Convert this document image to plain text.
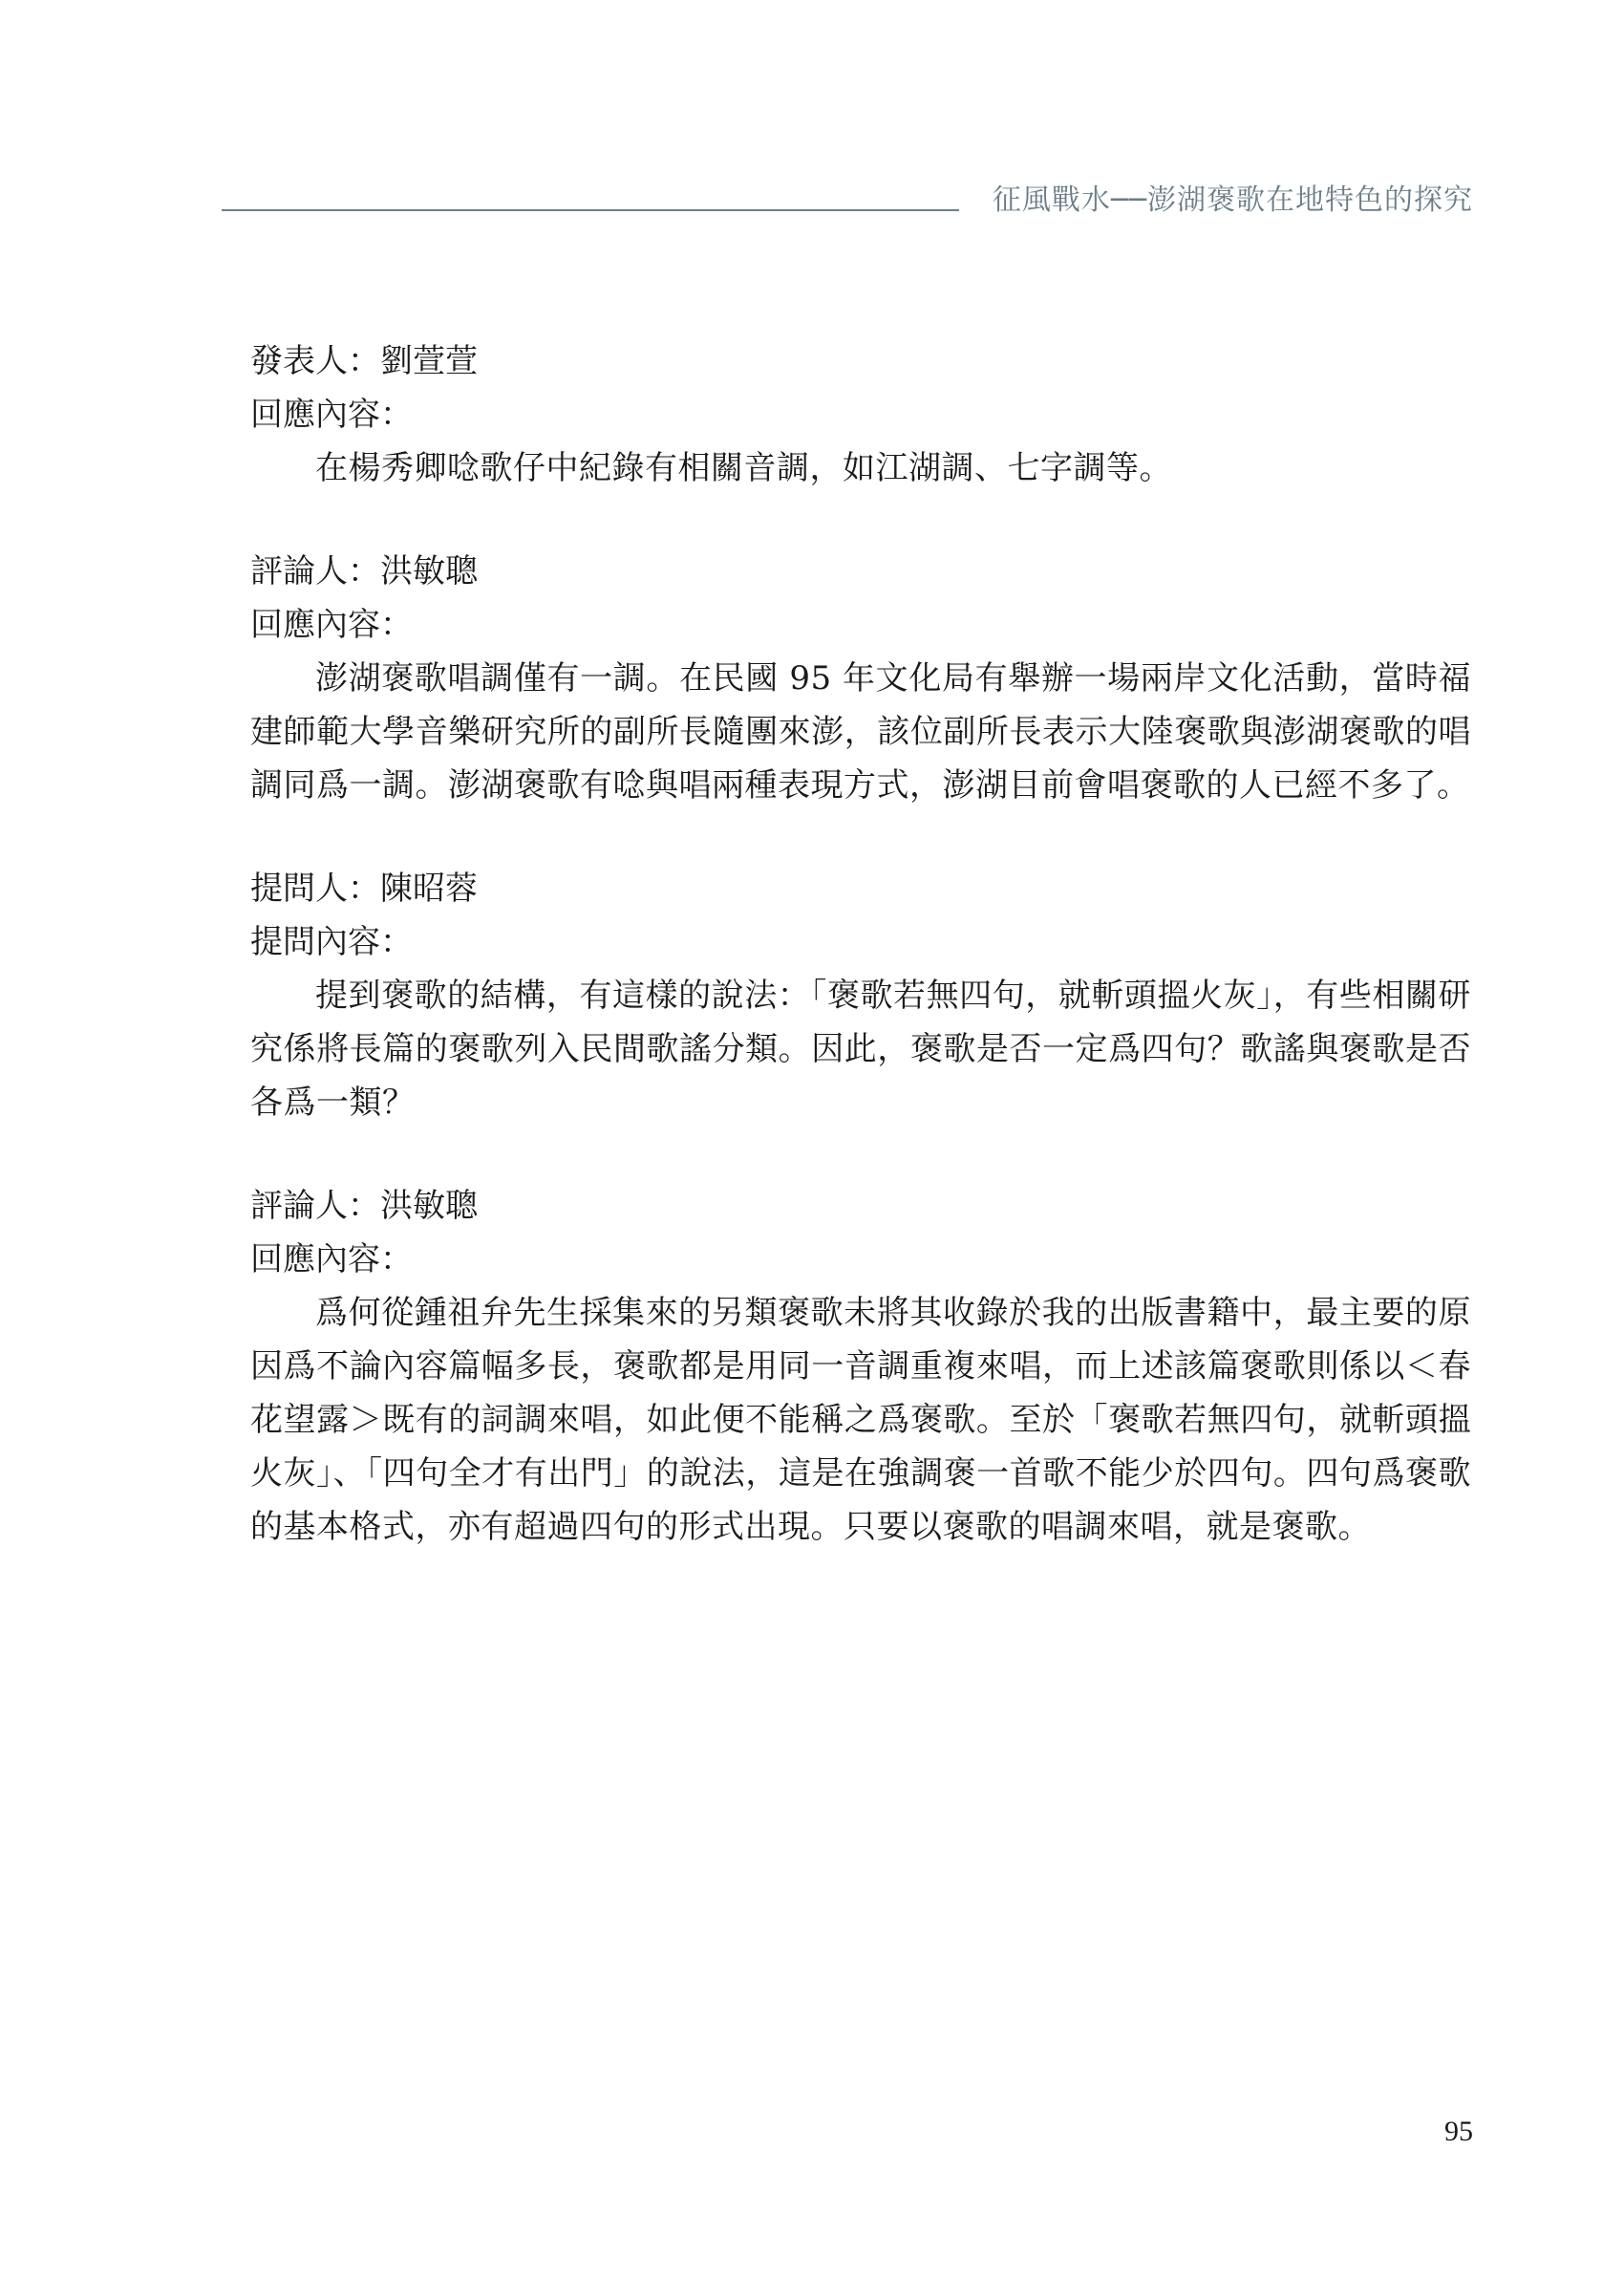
征風戰水──澎湖褒歌在地特色的探究
發表人：劉萱萱
回應內容：
在楊秀卿唸歌仔中紀錄有相關音調，如江湖調、七字調等。
評論人：洪敏聰
回應內容：
澎湖褒歌唱調僅有一調。在民國 95 年文化局有舉辦一場兩岸文化活動，當時福建師範大學音樂研究所的副所長隨團來澎，該位副所長表示大陸褒歌與澎湖褒歌的唱調同爲一調。澎湖褒歌有唸與唱兩種表現方式，澎湖目前會唱褒歌的人已經不多了。
提問人：陳昭蓉
提問內容：
提到褒歌的結構，有這樣的說法：「褒歌若無四句，就斬頭搵火灰」，有些相關研究係將長篇的褒歌列入民間歌謠分類。因此，褒歌是否一定爲四句？歌謠與褒歌是否各爲一類？
評論人：洪敏聰
回應內容：
爲何從鍾祖弁先生採集來的另類褒歌未將其收錄於我的出版書籍中，最主要的原因爲不論內容篇幅多長，褒歌都是用同一音調重複來唱，而上述該篇褒歌則係以＜春花望露＞既有的詞調來唱，如此便不能稱之爲褒歌。至於「褒歌若無四句，就斬頭搵火灰」、「四句全才有出門」的說法，這是在強調褒一首歌不能少於四句。四句爲褒歌的基本格式，亦有超過四句的形式出現。只要以褒歌的唱調來唱，就是褒歌。
95
